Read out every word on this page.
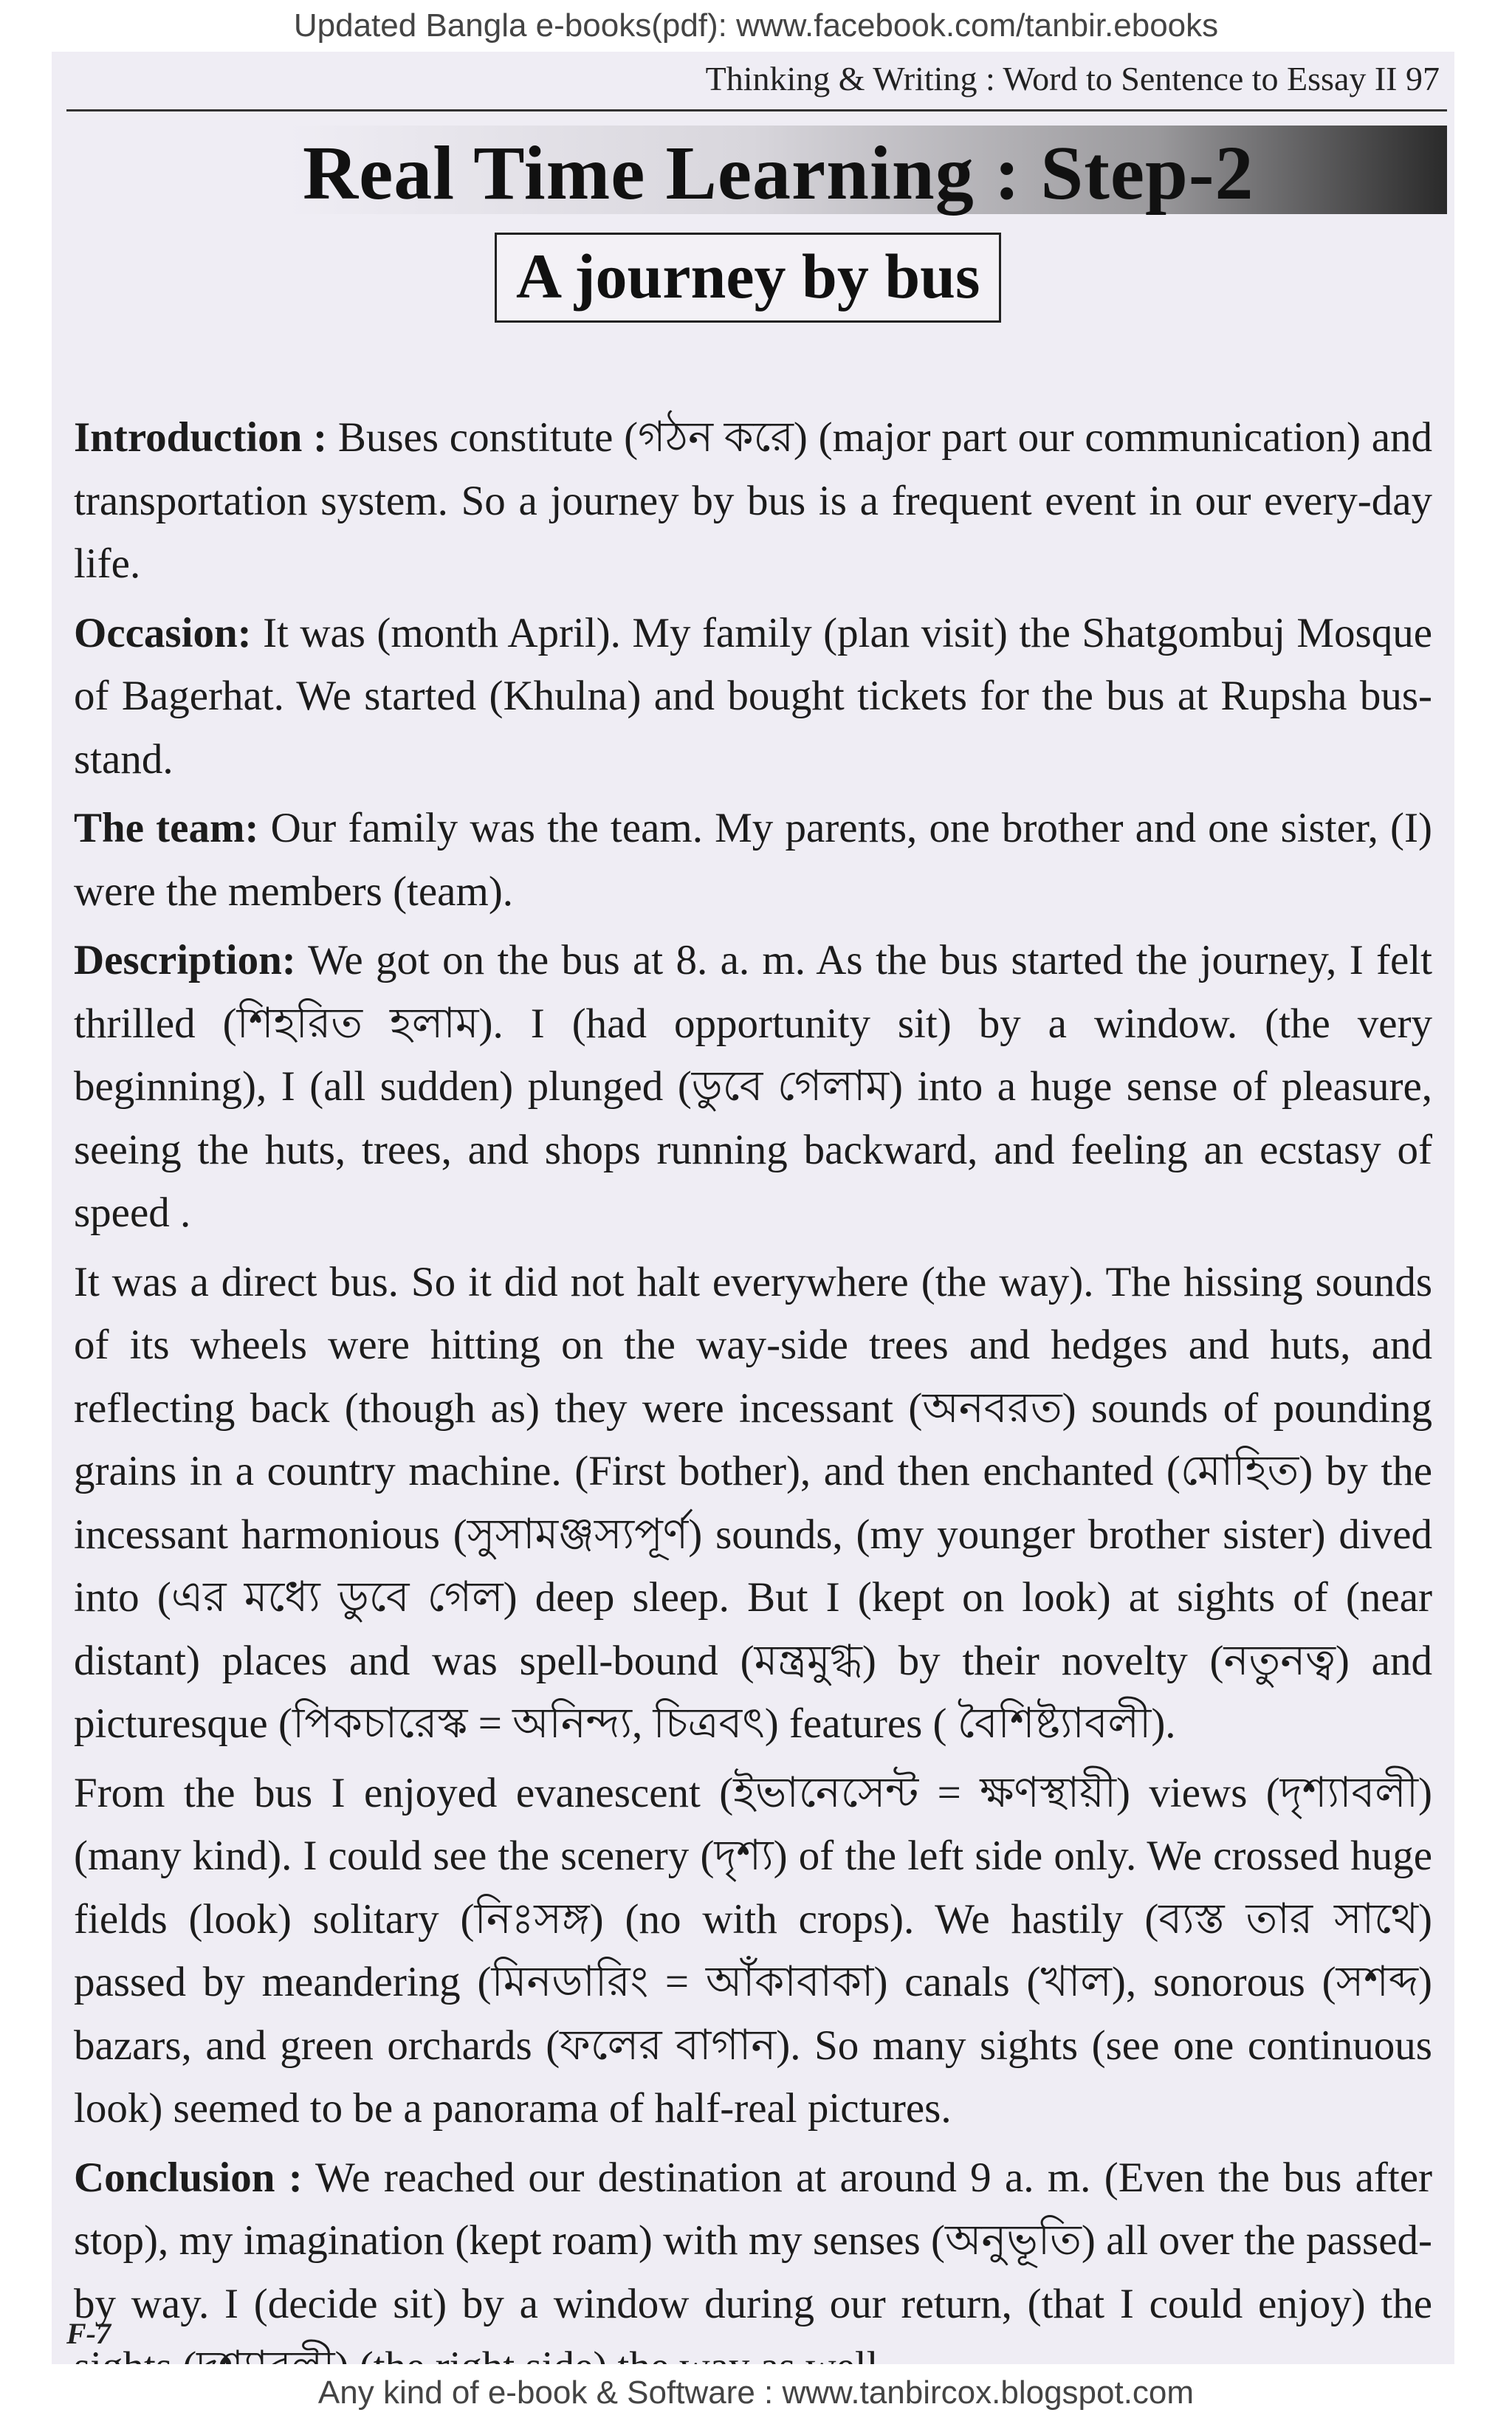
Updated Bangla e-books(pdf): www.facebook.com/tanbir.ebooks
Thinking & Writing : Word to Sentence to Essay II 97
Real Time Learning : Step-2
A journey by bus

Introduction : Buses constitute (গঠন করে) (major part our communication) and transportation system. So a journey by bus is a frequent event in our every-day life.

Occasion: It was (month April). My family (plan visit) the Shatgombuj Mosque of Bagerhat. We started (Khulna) and bought tickets for the bus at Rupsha bus-stand.

The team: Our family was the team. My parents, one brother and one sister, (I) were the members (team).

Description: We got on the bus at 8. a. m. As the bus started the journey, I felt thrilled (শিহরিত হলাম). I (had opportunity sit) by a window. (the very beginning), I (all sudden) plunged (ডুবে গেলাম) into a huge sense of pleasure, seeing the huts, trees, and shops running backward, and feeling an ecstasy of speed .

It was a direct bus. So it did not halt everywhere (the way). The hissing sounds of its wheels were hitting on the way-side trees and hedges and huts, and reflecting back (though as) they were incessant (অনবরত) sounds of pounding grains in a country machine. (First bother), and then enchanted (মোহিত) by the incessant harmonious (সুসামঞ্জস্যপূর্ণ) sounds, (my younger brother sister) dived into (এর মধ্যে ডুবে গেল) deep sleep. But I (kept on look) at sights of (near distant) places and was spell-bound (মন্ত্রমুগ্ধ) by their novelty (নতুনত্ব) and picturesque (পিকচারেস্ক = অনিন্দ্য, চিত্রবৎ) features ( বৈশিষ্ট্যাবলী).

From the bus I enjoyed evanescent (ইভানেসেন্ট = ক্ষণস্থায়ী) views (দৃশ্যাবলী) (many kind). I could see the scenery (দৃশ্য) of the left side only. We crossed huge fields (look) solitary (নিঃসঙ্গ) (no with crops). We hastily (ব্যস্ত তার সাথে) passed by meandering (মিনডারিং = আঁকাবাকা) canals (খাল), sonorous (সশব্দ) bazars, and green orchards (ফলের বাগান). So many sights (see one continuous look) seemed to be a panorama of half-real pictures.

Conclusion : We reached our destination at around 9 a. m. (Even the bus after stop), my imagination (kept roam) with my senses (অনুভূতি) all over the passed-by way. I (decide sit) by a window during our return, (that I could enjoy) the

F-7
Any kind of e-book & Software : www.tanbircox.blogspot.com
